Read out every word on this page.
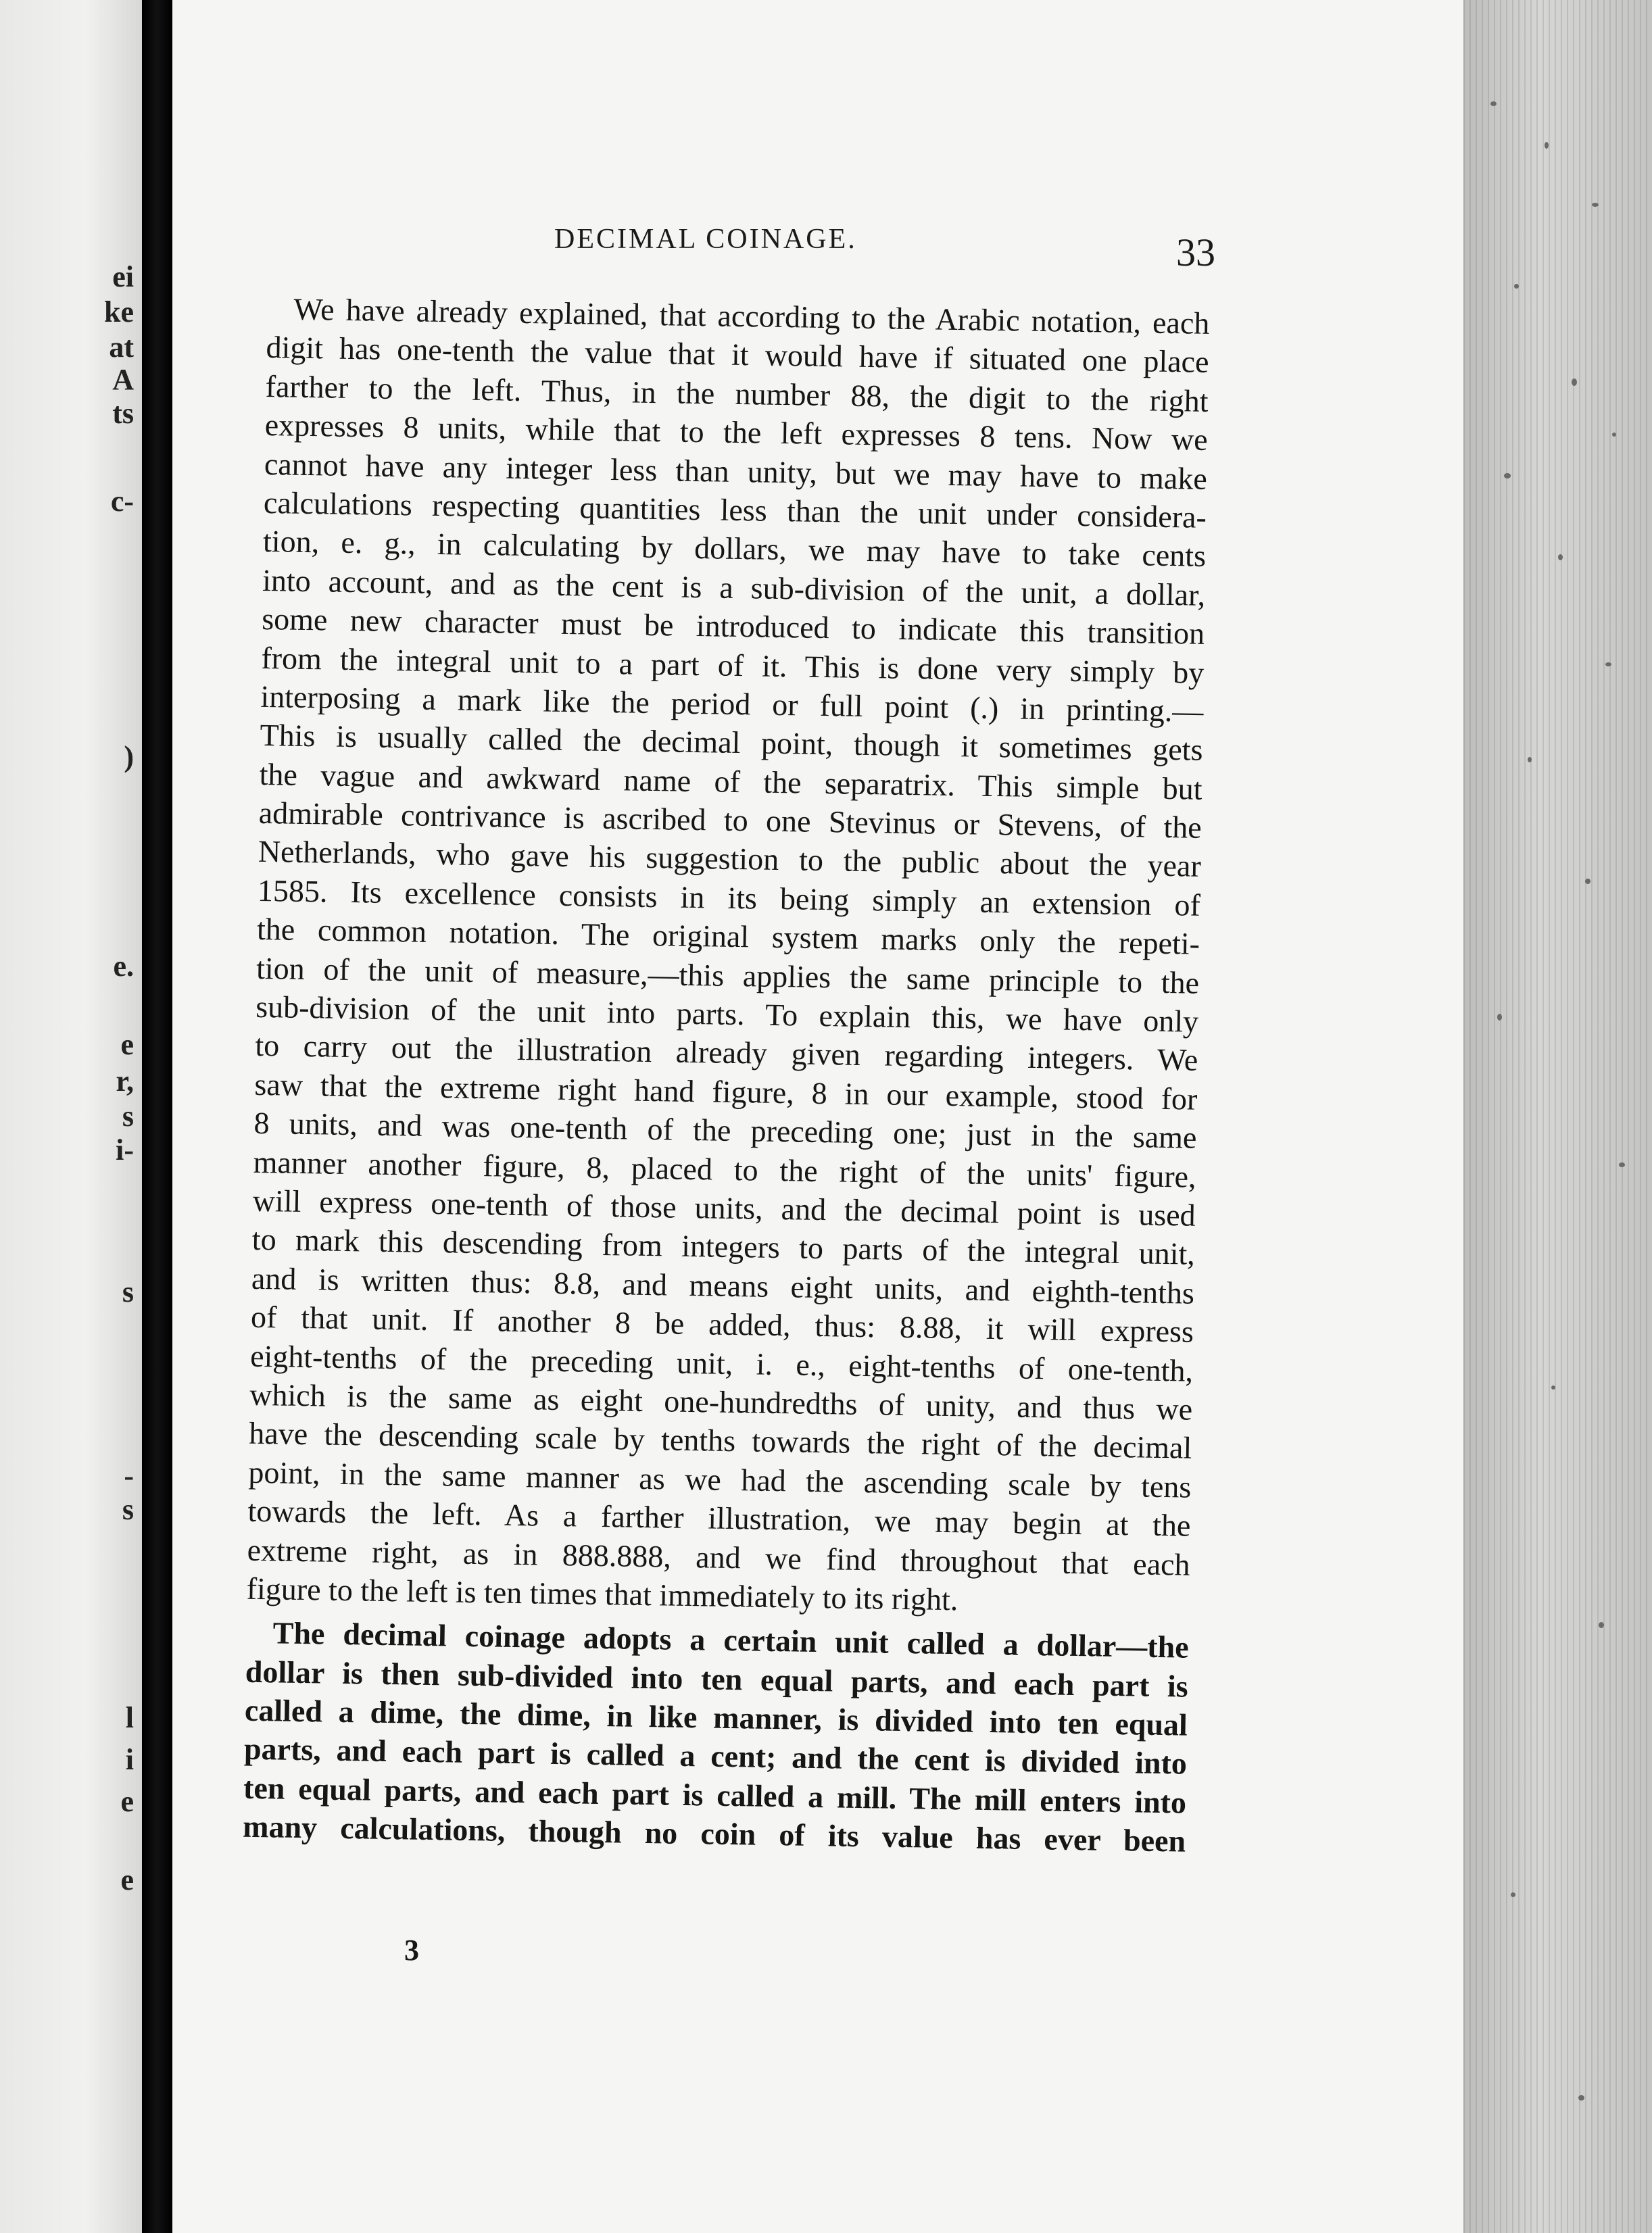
ei
ke
at
A
ts
c-
)
e.
e
r,
s
i-
s
-
s
l
i
e
e
DECIMAL COINAGE.	33
We have already explained, that according to the Arabic notation, each
digit has one-tenth the value that it would have if situated one place
farther to the left. Thus, in the number 88, the digit to the right
expresses 8 units, while that to the left expresses 8 tens. Now we
cannot have any integer less than unity, but we may have to make
calculations respecting quantities less than the unit under considera-
tion, e. g., in calculating by dollars, we may have to take cents
into account, and as the cent is a sub-division of the unit, a dollar,
some new character must be introduced to indicate this transition
from the integral unit to a part of it. This is done very simply by
interposing a mark like the period or full point (.) in printing.—
This is usually called the decimal point, though it sometimes gets
the vague and awkward name of the separatrix. This simple but
admirable contrivance is ascribed to one Stevinus or Stevens, of the
Netherlands, who gave his suggestion to the public about the year
1585. Its excellence consists in its being simply an extension of
the common notation. The original system marks only the repeti-
tion of the unit of measure,—this applies the same principle to the
sub-division of the unit into parts. To explain this, we have only
to carry out the illustration already given regarding integers. We
saw that the extreme right hand figure, 8 in our example, stood for
8 units, and was one-tenth of the preceding one; just in the same
manner another figure, 8, placed to the right of the units' figure,
will express one-tenth of those units, and the decimal point is used
to mark this descending from integers to parts of the integral unit,
and is written thus: 8.8, and means eight units, and eighth-tenths
of that unit. If another 8 be added, thus: 8.88, it will express
eight-tenths of the preceding unit, i. e., eight-tenths of one-tenth,
which is the same as eight one-hundredths of unity, and thus we
have the descending scale by tenths towards the right of the decimal
point, in the same manner as we had the ascending scale by tens
towards the left. As a farther illustration, we may begin at the
extreme right, as in 888.888, and we find throughout that each
figure to the left is ten times that immediately to its right.
The decimal coinage adopts a certain unit called a dollar—the
dollar is then sub-divided into ten equal parts, and each part is
called a dime, the dime, in like manner, is divided into ten equal
parts, and each part is called a cent; and the cent is divided into
ten equal parts, and each part is called a mill. The mill enters into
many calculations, though no coin of its value has ever been
3
